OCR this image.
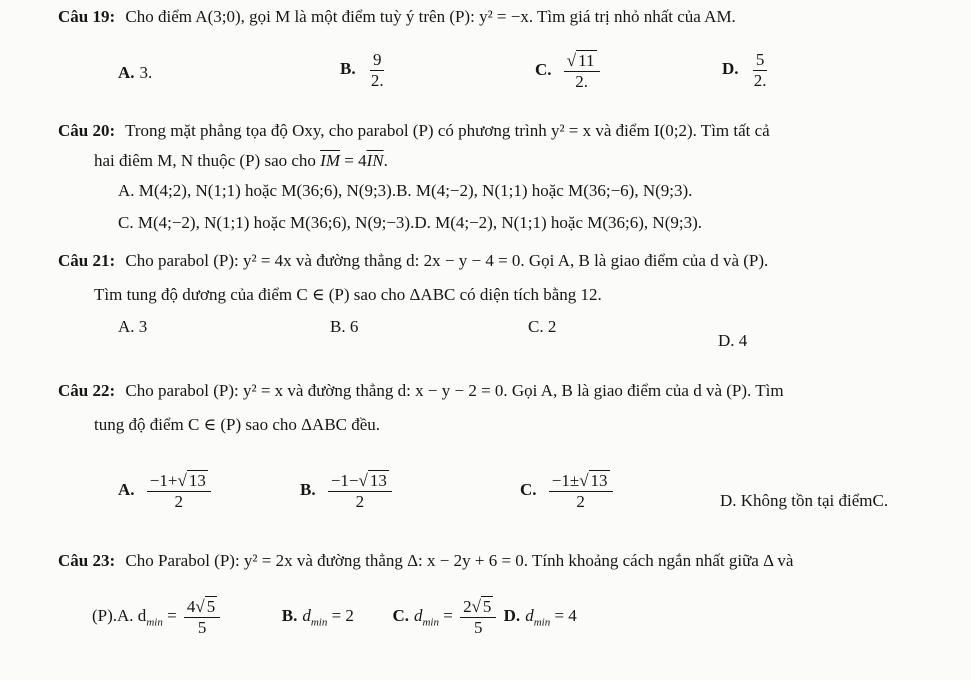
Câu 19: Cho điểm A(3;0), gọi M là một điểm tuỳ ý trên (P): y² = −x. Tìm giá trị nhỏ nhất của AM.
A. 3.	B. $\frac{9}{2.}$	C. $\frac{√ 11}{2.}$	D. $\frac{5}{2.}$
Câu 20: Trong mặt phẳng tọa độ Oxy, cho parabol (P) có phương trình y² = x và điểm I(0;2). Tìm tất cả
hai điêm M, N thuộc (P) sao cho $\overline{IM} = 4\overline{IN}$.
A. M(4;2), N(1;1) hoặc M(36;6), N(9;3).B. M(4;−2), N(1;1) hoặc M(36;−6), N(9;3).
C. M(4;−2), N(1;1) hoặc M(36;6), N(9;−3).D. M(4;−2), N(1;1) hoặc M(36;6), N(9;3).
Câu 21: Cho parabol (P): y² = 4x và đường thẳng d: 2x − y − 4 = 0. Gọi A, B là giao điểm của d và (P).
Tìm tung độ dương của điểm C ∈ (P) sao cho ΔABC có diện tích bằng 12.
A. 3	B. 6	C. 2
D. 4
Câu 22: Cho parabol (P): y² = x và đường thẳng d: x − y − 2 = 0. Gọi A, B là giao điểm của d và (P). Tìm
tung độ điểm C ∈ (P) sao cho ΔABC đều.
A. $\frac{-1+ √ 13}{2}$	B. $\frac{-1- √ 13}{2}$	C. $\frac{-1\pm √ 13}{2}$	D. Không tồn tại điểmC.
Câu 23: Cho Parabol (P): y² = 2x và đường thẳng Δ: x − 2y + 6 = 0. Tính khoảng cách ngắn nhất giữa Δ và
(P).A. $d_{min} = \frac{4 √ 5}{5}$	B. $d_{min} = 2$ C. $d_{min} = \frac{2 √ 5}{5} D$. $d_{min} = 4$
